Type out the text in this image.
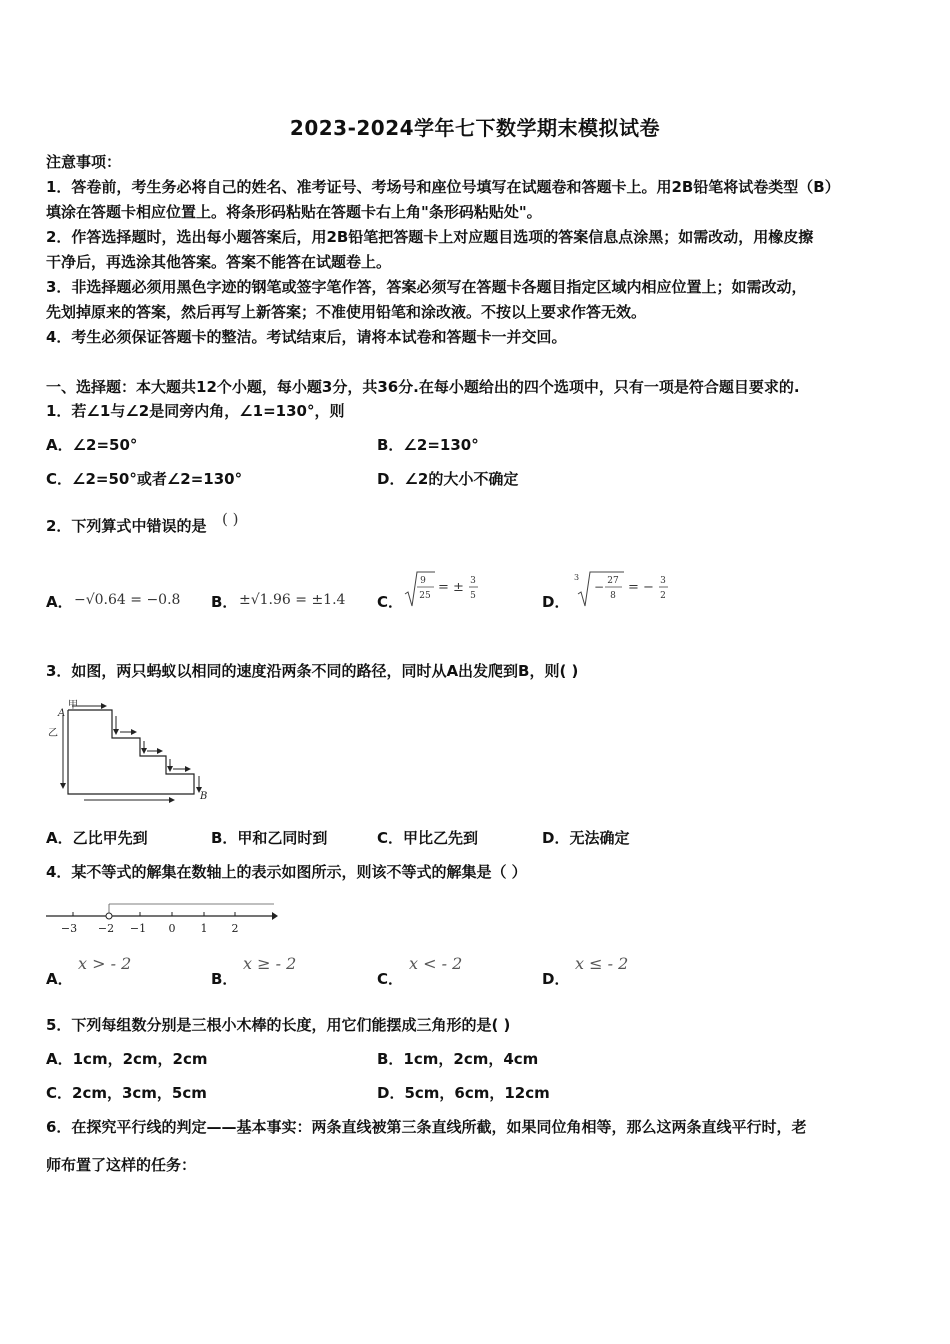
2023-2024学年七下数学期末模拟试卷
注意事项：
1．答卷前，考生务必将自己的姓名、准考证号、考场号和座位号填写在试题卷和答题卡上。用2B铅笔将试卷类型（B）
填涂在答题卡相应位置上。将条形码粘贴在答题卡右上角"条形码粘贴处"。
2．作答选择题时，选出每小题答案后，用2B铅笔把答题卡上对应题目选项的答案信息点涂黑；如需改动，用橡皮擦
干净后，再选涂其他答案。答案不能答在试题卷上。
3．非选择题必须用黑色字迹的钢笔或签字笔作答，答案必须写在答题卡各题目指定区域内相应位置上；如需改动，
先划掉原来的答案，然后再写上新答案；不准使用铅笔和涂改液。不按以上要求作答无效。
4．考生必须保证答题卡的整洁。考试结束后，请将本试卷和答题卡一并交回。
一、选择题：本大题共12个小题，每小题3分，共36分.在每小题给出的四个选项中，只有一项是符合题目要求的.
1．若∠1与∠2是同旁内角，∠1=130°，则
A．∠2=50°	B．∠2=130°
C．∠2=50°或者∠2=130°	D．∠2的大小不确定
2．下列算式中错误的是 ( )
A． −√0.64 = −0.8 B． ±√1.96 = ±1.4 C．
9
25
= ± 3
5	D．
3
− 27
8
= − 3
2
3．如图，两只蚂蚁以相同的速度沿两条不同的路径，同时从A出发爬到B，则( )
A
甲
乙
B
A．乙比甲先到	B．甲和乙同时到	C．甲比乙先到	D．无法确定
4．某不等式的解集在数轴上的表示如图所示，则该不等式的解集是（ ）
−3 −2 −1 0 1 2
A．
x > - 2
B．
x ≥ - 2
C．
x < - 2
D．
x ≤ - 2
5．下列每组数分别是三根小木棒的长度，用它们能摆成三角形的是( )
A．1cm，2cm，2cm	B．1cm，2cm，4cm
C．2cm，3cm，5cm	D．5cm，6cm，12cm
6．在探究平行线的判定——基本事实：两条直线被第三条直线所截，如果同位角相等，那么这两条直线平行时，老
师布置了这样的任务：
